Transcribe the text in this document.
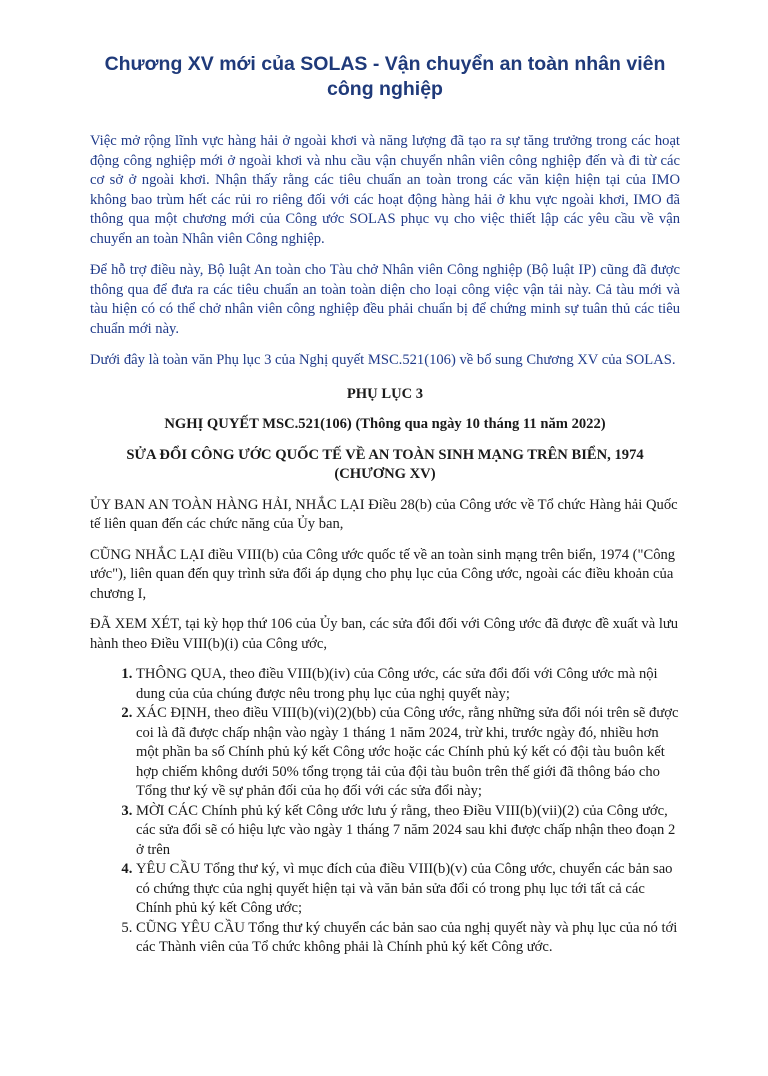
Chương XV mới của SOLAS - Vận chuyển an toàn nhân viên công nghiệp

Việc mở rộng lĩnh vực hàng hải ở ngoài khơi và năng lượng đã tạo ra sự tăng trưởng trong các hoạt động công nghiệp mới ở ngoài khơi và nhu cầu vận chuyển nhân viên công nghiệp đến và đi từ các cơ sở ở ngoài khơi. Nhận thấy rằng các tiêu chuẩn an toàn trong các văn kiện hiện tại của IMO không bao trùm hết các rủi ro riêng đối với các hoạt động hàng hải ở khu vực ngoài khơi, IMO đã thông qua một chương mới của Công ước SOLAS phục vụ cho việc thiết lập các yêu cầu về vận chuyển an toàn Nhân viên Công nghiệp.

Để hỗ trợ điều này, Bộ luật An toàn cho Tàu chở Nhân viên Công nghiệp (Bộ luật IP) cũng đã được thông qua để đưa ra các tiêu chuẩn an toàn toàn diện cho loại công việc vận tải này. Cả tàu mới và tàu hiện có có thể chở nhân viên công nghiệp đều phải chuẩn bị để chứng minh sự tuân thủ các tiêu chuẩn mới này.

Dưới đây là toàn văn Phụ lục 3 của Nghị quyết MSC.521(106) về bổ sung Chương XV của SOLAS.

PHỤ LỤC 3
NGHỊ QUYẾT MSC.521(106) (Thông qua ngày 10 tháng 11 năm 2022)
SỬA ĐỔI CÔNG ƯỚC QUỐC TẾ VỀ AN TOÀN SINH MẠNG TRÊN BIỂN, 1974 (CHƯƠNG XV)

ỦY BAN AN TOÀN HÀNG HẢI, NHẮC LẠI Điều 28(b) của Công ước về Tổ chức Hàng hải Quốc tế liên quan đến các chức năng của Ủy ban,

CŨNG NHẮC LẠI điều VIII(b) của Công ước quốc tế về an toàn sinh mạng trên biển, 1974 ("Công ước"), liên quan đến quy trình sửa đổi áp dụng cho phụ lục của Công ước, ngoài các điều khoản của chương I,

ĐÃ XEM XÉT, tại kỳ họp thứ 106 của Ủy ban, các sửa đổi đối với Công ước đã được đề xuất và lưu hành theo Điều VIII(b)(i) của Công ước,

1. THÔNG QUA, theo điều VIII(b)(iv) của Công ước, các sửa đổi đối với Công ước mà nội dung của của chúng được nêu trong phụ lục của nghị quyết này;
2. XÁC ĐỊNH, theo điều VIII(b)(vi)(2)(bb) của Công ước, rằng những sửa đổi nói trên sẽ được coi là đã được chấp nhận vào ngày 1 tháng 1 năm 2024, trừ khi, trước ngày đó, nhiều hơn một phần ba số Chính phủ ký kết Công ước hoặc các Chính phủ ký kết có đội tàu buôn kết hợp chiếm không dưới 50% tổng trọng tải của đội tàu buôn trên thế giới đã thông báo cho Tổng thư ký về sự phản đối của họ đối với các sửa đổi này;
3. MỜI CÁC Chính phủ ký kết Công ước lưu ý rằng, theo Điều VIII(b)(vii)(2) của Công ước, các sửa đổi sẽ có hiệu lực vào ngày 1 tháng 7 năm 2024 sau khi được chấp nhận theo đoạn 2 ở trên
4. YÊU CẦU Tổng thư ký, vì mục đích của điều VIII(b)(v) của Công ước, chuyển các bản sao có chứng thực của nghị quyết hiện tại và văn bản sửa đổi có trong phụ lục tới tất cả các Chính phủ ký kết Công ước;
5. CŨNG YÊU CẦU Tổng thư ký chuyển các bản sao của nghị quyết này và phụ lục của nó tới các Thành viên của Tổ chức không phải là Chính phủ ký kết Công ước.
